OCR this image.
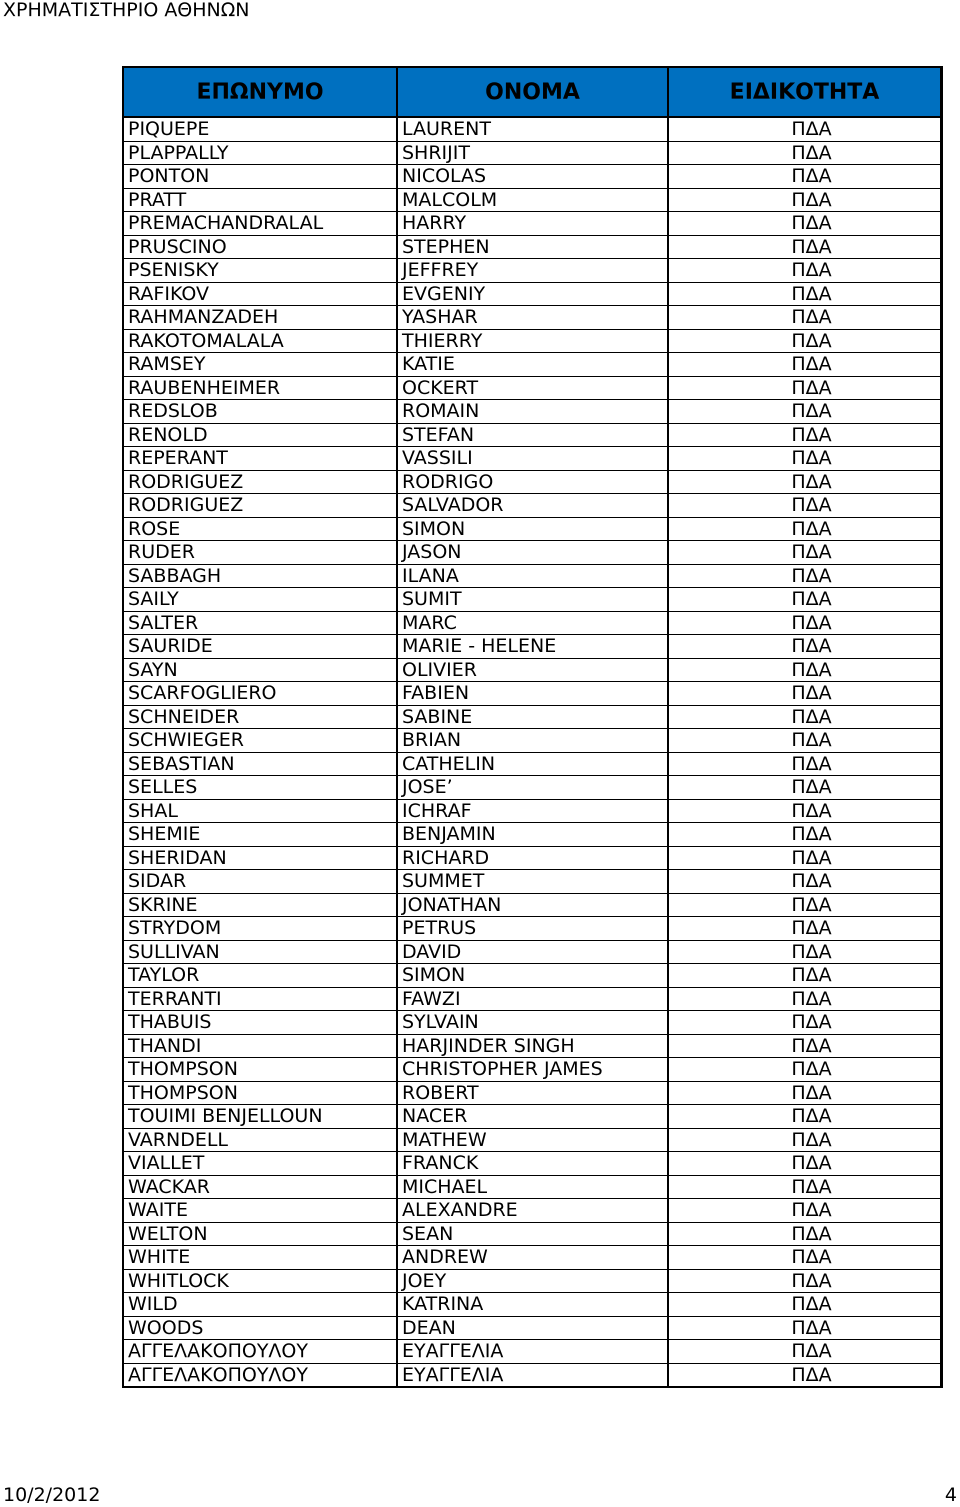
ΧΡΗΜΑΤΙΣΤΗΡΙΟ ΑΘΗΝΩΝ
ΕΠΩΝΥΜΟ	ΟΝΟΜΑ	ΕΙΔΙΚΟΤΗΤΑ
PIQUEPE	LAURENT	ΠΔΑ
PLAPPALLY	SHRIJIT	ΠΔΑ
PONTON	NICOLAS	ΠΔΑ
PRATT	MALCOLM	ΠΔΑ
PREMACHANDRALAL	HARRY	ΠΔΑ
PRUSCINO	STEPHEN	ΠΔΑ
PSENISKY	JEFFREY	ΠΔΑ
RAFIKOV	EVGENIY	ΠΔΑ
RAHMANZADEH	YASHAR	ΠΔΑ
RAKOTOMALALA	THIERRY	ΠΔΑ
RAMSEY	KATIE	ΠΔΑ
RAUBENHEIMER	OCKERT	ΠΔΑ
REDSLOB	ROMAIN	ΠΔΑ
RENOLD	STEFAN	ΠΔΑ
REPERANT	VASSILI	ΠΔΑ
RODRIGUEZ	RODRIGO	ΠΔΑ
RODRIGUEZ	SALVADOR	ΠΔΑ
ROSE	SIMON	ΠΔΑ
RUDER	JASON	ΠΔΑ
SABBAGH	ILANA	ΠΔΑ
SAILY	SUMIT	ΠΔΑ
SALTER	MARC	ΠΔΑ
SAURIDE	MARIE - HELENE	ΠΔΑ
SAYN	OLIVIER	ΠΔΑ
SCARFOGLIERO	FABIEN	ΠΔΑ
SCHNEIDER	SABINE	ΠΔΑ
SCHWIEGER	BRIAN	ΠΔΑ
SEBASTIAN	CATHELIN	ΠΔΑ
SELLES	JOSE’	ΠΔΑ
SHAL	ICHRAF	ΠΔΑ
SHEMIE	BENJAMIN	ΠΔΑ
SHERIDAN	RICHARD	ΠΔΑ
SIDAR	SUMMET	ΠΔΑ
SKRINE	JONATHAN	ΠΔΑ
STRYDOM	PETRUS	ΠΔΑ
SULLIVAN	DAVID	ΠΔΑ
TAYLOR	SIMON	ΠΔΑ
TERRANTI	FAWZI	ΠΔΑ
THABUIS	SYLVAIN	ΠΔΑ
THANDI	HARJINDER SINGH	ΠΔΑ
THOMPSON	CHRISTOPHER JAMES	ΠΔΑ
THOMPSON	ROBERT	ΠΔΑ
TOUIMI BENJELLOUN	NACER	ΠΔΑ
VARNDELL	MATHEW	ΠΔΑ
VIALLET	FRANCK	ΠΔΑ
WACKAR	MICHAEL	ΠΔΑ
WAITE	ALEXANDRE	ΠΔΑ
WELTON	SEAN	ΠΔΑ
WHITE	ANDREW	ΠΔΑ
WHITLOCK	JOEY	ΠΔΑ
WILD	KATRINA	ΠΔΑ
WOODS	DEAN	ΠΔΑ
ΑΓΓΕΛΑΚΟΠΟΥΛΟΥ	ΕΥΑΓΓΕΛΙΑ	ΠΔΑ
ΑΓΓΕΛΑΚΟΠΟΥΛΟΥ	ΕΥΑΓΓΕΛΙΑ	ΠΔΑ
10/2/2012	4
